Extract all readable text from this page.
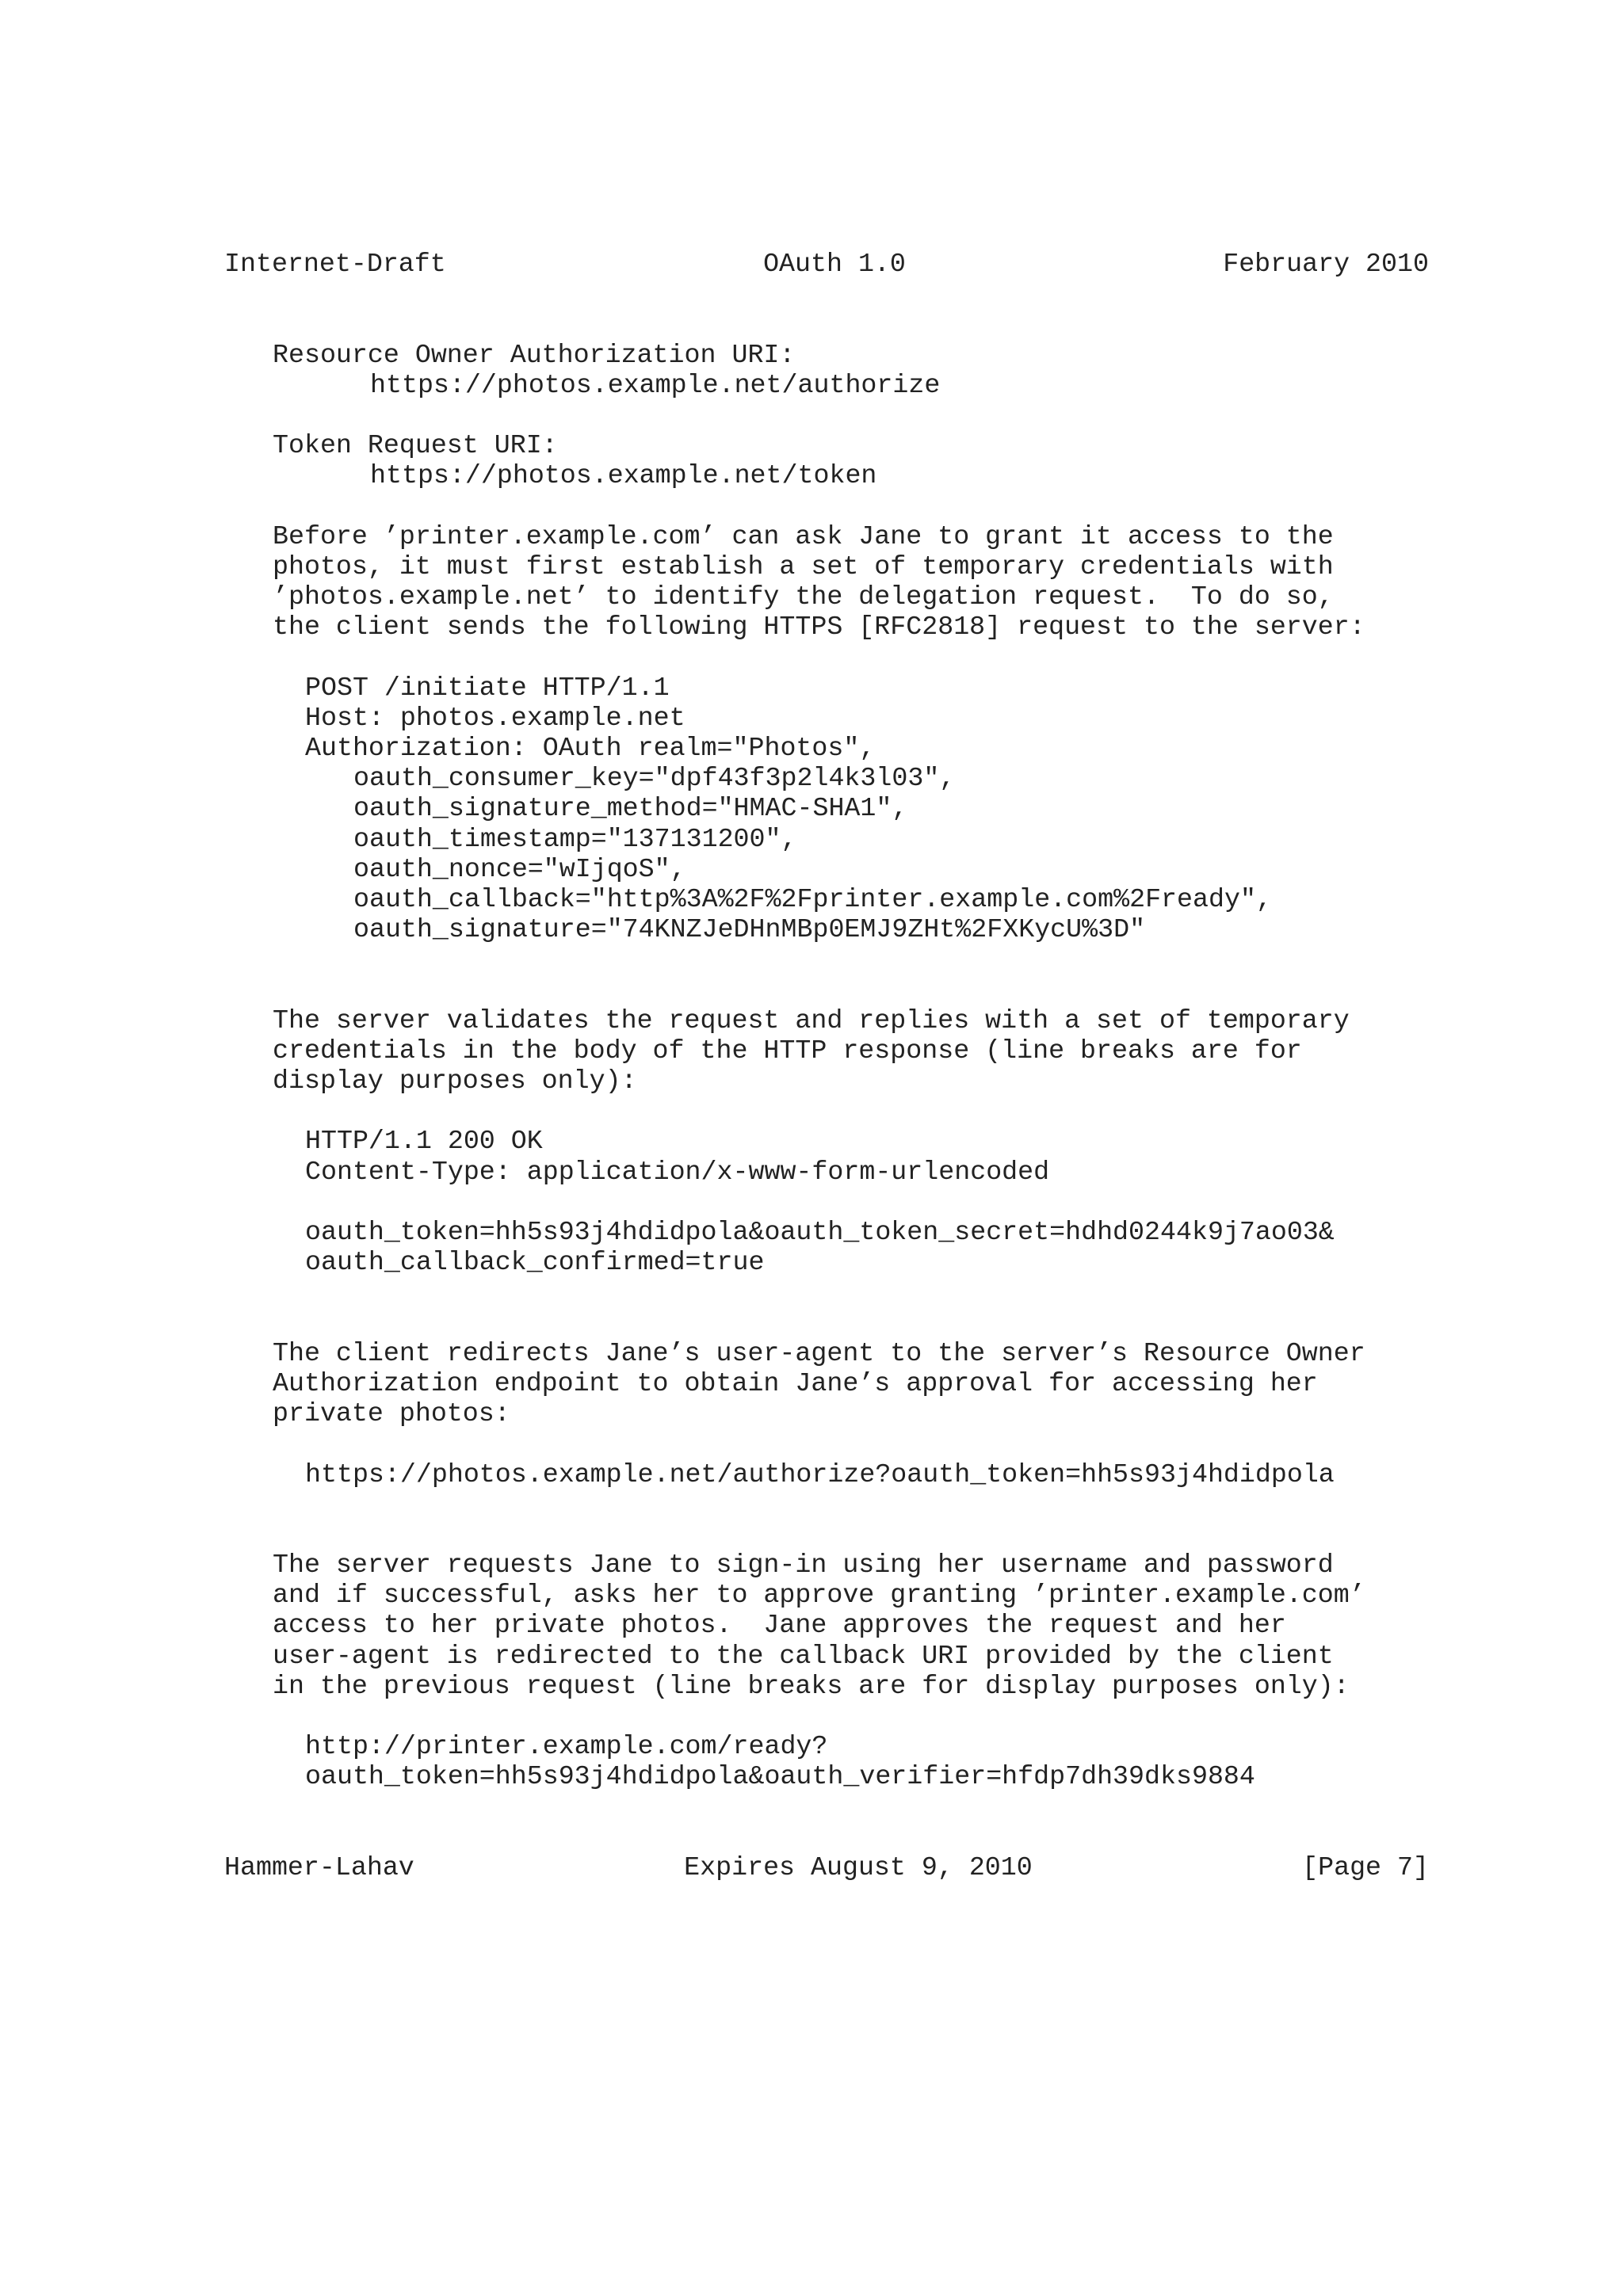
Internet-Draft	OAuth 1.0	February 2010
Resource Owner Authorization URI:
https://photos.example.net/authorize
Token Request URI:
https://photos.example.net/token
Before ’printer.example.com’ can ask Jane to grant it access to the
photos, it must first establish a set of temporary credentials with
’photos.example.net’ to identify the delegation request.  To do so,
the client sends the following HTTPS [RFC2818] request to the server:
POST /initiate HTTP/1.1
Host: photos.example.net
Authorization: OAuth realm="Photos",
oauth_consumer_key="dpf43f3p2l4k3l03",
oauth_signature_method="HMAC-SHA1",
oauth_timestamp="137131200",
oauth_nonce="wIjqoS",
oauth_callback="http%3A%2F%2Fprinter.example.com%2Fready",
oauth_signature="74KNZJeDHnMBp0EMJ9ZHt%2FXKycU%3D"
The server validates the request and replies with a set of temporary
credentials in the body of the HTTP response (line breaks are for
display purposes only):
HTTP/1.1 200 OK
Content-Type: application/x-www-form-urlencoded
oauth_token=hh5s93j4hdidpola&oauth_token_secret=hdhd0244k9j7ao03&
oauth_callback_confirmed=true
The client redirects Jane’s user-agent to the server’s Resource Owner
Authorization endpoint to obtain Jane’s approval for accessing her
private photos:
https://photos.example.net/authorize?oauth_token=hh5s93j4hdidpola
The server requests Jane to sign-in using her username and password
and if successful, asks her to approve granting ’printer.example.com’
access to her private photos.  Jane approves the request and her
user-agent is redirected to the callback URI provided by the client
in the previous request (line breaks are for display purposes only):
http://printer.example.com/ready?
oauth_token=hh5s93j4hdidpola&oauth_verifier=hfdp7dh39dks9884
Hammer-Lahav	Expires August 9, 2010	[Page 7]
